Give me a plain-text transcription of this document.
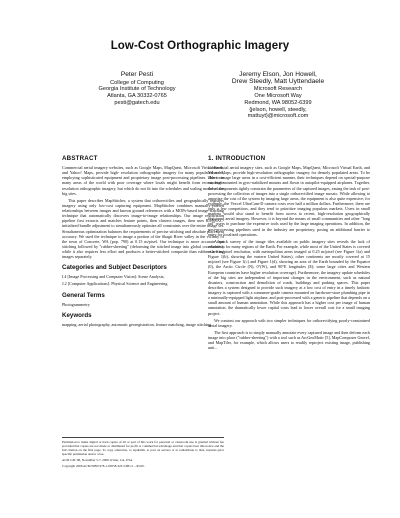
Low-Cost Orthographic Imagery
Peter Pesti
College of Computing
Georgia Institute of Technology
Atlanta, GA 30332-0765
pesti@gatech.edu
Jeremy Elson, Jon Howell,
Drew Steedly, Matt Uyttendaele
Microsoft Research
One Microsoft Way
Redmond, WA 98052-6399
{jelson, howell, steedly,
mattuyt}@microsoft.com
ABSTRACT

Commercial aerial imagery websites, such as Google Maps, MapQuest, Microsoft Virtual Earth, and Yahoo! Maps, provide high- resolution orthographic imagery for many populated areas, employing sophisticated equipment and proprietary image post-processing pipelines. There are many areas of the world with poor coverage where locals might benefit from recent, high-resolution orthographic imagery, but which do not fit into the schedules and scaling model of the big sites.

This paper describes MapStitcher, a system that orthorectifies and geographically registers imagery using only low-cost capturing equipment. MapStitcher combines manually-entered relationships between images and known ground references with a MOPs-based image-stitching technique that automatically discovers image-to-image relationships. Our image registration pipeline first extracts and matches feature points, then clusters images, then uses RANSAC-initialized bundle adjustment to simultaneously optimize all constraints over the entire image set. Simultaneous optimization balances the requirements of precise stitching and absolute placement accuracy. We used the technique to image a portion of the Skagit River valley in the vicinity of the town of Concrete, WA (pop. 790) at 0.15 m/pixel. Our technique is more accurate than stitching followed by "rubber-sheeting" (deforming the stitched image into global coordinates), while it also requires less effort and produces a better-stitched composite than rubber-sheeting images separately.

Categories and Subject Descriptors

I.4 [Image Processing and Computer Vision]: Scene Analysis;

J.2 [Computer Applications]: Physical Science and Engineering

General Terms

Photogrammetry

Keywords

mapping, aerial photography, automatic georegistration, feature matching, image stitching

Permission to make digital or hard copies of all or part of this work for personal or classroom use is granted without fee provided that copies are not made or distributed for profit or commercial advantage and that copies bear this notice and the full citation on the first page. To copy otherwise, to republish, to post on servers or to redistribute to lists, requires prior specific permission and/or a fee.

ACM GIS '08, November 5-7, 2008. Irvine, CA, USA

Copyright 2008 ACM ISBN 978-1-60558-323-5/08/11 ...$5.00.

1. INTRODUCTION

Commercial aerial imagery sites, such as Google Maps, MapQuest, Microsoft Virtual Earth, and Yahoo! Maps, provide high-resolution orthographic imagery for densely populated areas. To be able to image large areas in a cost-efficient manner, their techniques depend on special-purpose cameras mounted in gyro-stabilized mounts and flown in autopilot-equipped airplanes. Together, these components tightly constrain the parameters of the captured images, easing the task of post-processing the collection of images into a single orthorectified image mosaic. While allowing to amortize the cost of the system by imaging large areas, the equipment is also quite expensive; for example, the Vexcel UltraCam-D camera costs over half a million dollars. Furthermore, there are only a few competitors, and they tend to prioritize imaging populous markets. Users in small markets would also stand to benefit from access to recent, high-resolution geographically registered aerial imagery. However, it is beyond the means of small communities and other "long tail" users to purchase the expensive tools used by the large imaging operations. In addition, the post-processing pipelines used in the industry are proprietary, posing an additional barrier to entry for localized operations.

A quick survey of the image tiles available on public imagery sites reveals the lack of resolution for many regions of the Earth. For example, while most of the United States is covered at a 1 m/pixel resolution, with metropolitan areas imaged at 0.25 m/pixel (see Figure 1(a) and Figure 1(b), showing the eastern United States), other continents are mostly covered at 15 m/pixel (see Figure 1(c) and Figure 1(d), showing an area of the Earth bounded by the Equator (0), the Arctic Circle (N), 0°(W), and 90°E longitudes (E); some large cities and Western European countries have higher resolution coverage). Furthermore, the imagery update schedules of the big sites are independent of important changes in the environment, such as natural disasters, construction and demolition of roads, buildings and parking spaces. This paper describes a system designed to provide such imagery at a low cost of entry in a timely fashion: imagery is captured with a consumer-grade camera mounted on hardware-store plumbing pipe in a minimally-equipped light airplane, and post-processed with a generic pipeline that depends on a small amount of human annotation. While this approach has a higher cost per image of human annotation, the dramatically lower capital costs lead to lower overall cost for a small imaging project.

We contrast our approach with two simpler techniques for orthorectifying poorly-constrained aerial imagery.

The first approach is to simply manually annotate every captured image and then deform each image into place ("rubber-sheeting") with a tool such as ArcGeoMatic [5], MapComposer Georef, and MapTiler, for example, which allows users to readily reproject existing image, publishing unit...
